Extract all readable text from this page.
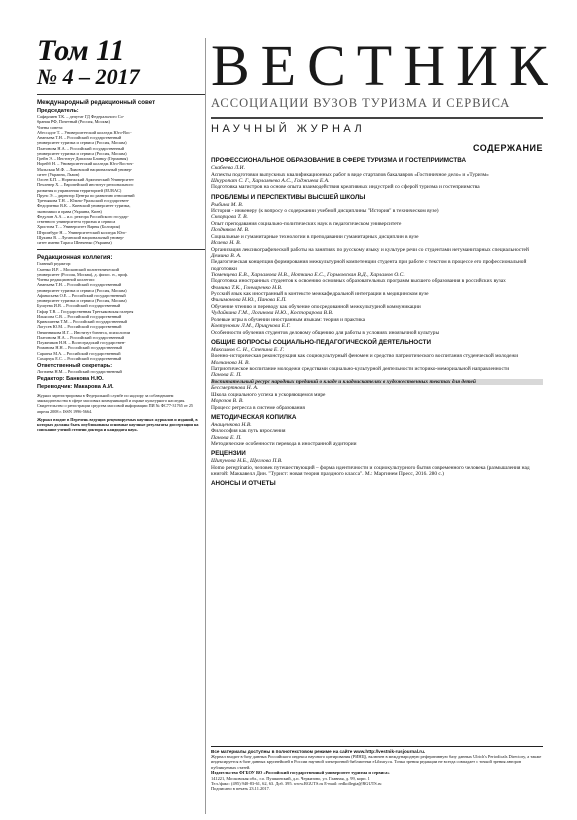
Том 11
№ 4 – 2017
Международный редакционный совет
Председатель:
Сафарлиев Т.К. – депутат ГД Федерального Со-
брания РФ, Почетный (Россия, Москва)
Члены совета:
Абессадзе Т. – Университетский колледж Юго-Вос-
Ананьева Т.Н. – Российский государственный
университет туризма и сервиса (Россия, Москва)
Платонова Н.А. – Российский государственный
университет туризма и сервиса (Россия, Москва)
Грейн Э. – Институт Диплома Блинцу (Германия)
Норейб Н. – Университетский колледж Юго-Восточ-
Мальская М.Ф. – Львовский национальный универ-
ситет (Украина, Львов)
Олсен Б.П. – Норвежский Арктический Университет
Пехлевер Х. – Европейский институт регионального
развития и управления территорией (EURAC)
Прунс Э. – директор Центра по развитию отношений
Третьякова Т.Н. – Южно-Уральский государствен-
Федорченко В.К. – Киевский университет туризма,
экономики и права (Украина, Киев)
Федулин А.А. – и.о. ректора Российского государ-
ственного университета туризма и сервиса
Христова Т. – Университет Варны (Болгария)
Штромбург Н. – Университетский колледж Юго-
Щукина В. – Луганский национальный универ-
ситет имени Тараса Шевченко (Украина)
Редакционная коллегия:
Главный редактор:
Сменко И.Р. – Московский политехнический
университет (Россия, Москва), д. филос. н., проф.
Члены редакционной коллегии:
Ананьева Т.Н. – Российский государственный
университет туризма и сервиса (Россия, Москва)
Афанасьева О.Е. – Российский государственный
университет туризма и сервиса (Россия, Москва)
Бушуева И.В. – Российский государственный
Гафар Т.В. – Государственная Третьяковская галерея
Ильясова С.В. – Российский государственный
Кривошеева Т.М. – Российский государственный
Лагусев Ю.М. – Российский государственный
Овчинникова И.Г. – Институт бизнеса, психологии
Платонова Н.А. – Российский государственный
Плужников Н.Н. – Волгоградский государствен-
Романова Н.Н. – Российский государственный
Сарапча М.А. – Российский государственный
Сахарчук Е.С. – Российский государственный
Ответственный секретарь:
Логачева Н.М. – Российский государственный
Редактор: Банкова Н.Ю.
Переводчик: Макарова А.И.
Журнал зарегистрирован в Федеральной службе по надзору за соблюдением законодательства в сфере массовых коммуникаций и охране культурного наследия. Свидетельство о регистрации средства массовой информации ПИ № ФС77-31765 от 25 апреля 2008 г. ISSN 1996-5664.
Журнал входит в Перечень ведущих рецензируемых научных журналов и изданий, в которых должны быть опубликованы основные научные результаты диссертации на соискание ученой степени доктора и кандидата наук.
ВЕСТНИК
АССОЦИАЦИИ ВУЗОВ ТУРИЗМА И СЕРВИСА
НАУЧНЫЙ ЖУРНАЛ
СОДЕРЖАНИЕ
ПРОФЕССИОНАЛЬНОЕ ОБРАЗОВАНИЕ В СФЕРЕ ТУРИЗМА И ГОСТЕПРИИМСТВА
Скабеева Л.И.
Аспекты подготовки выпускных квалификационных работ в виде стартапов бакалавров «Гостиничное дело» и «Туризм»
Шкуропат С. Г., Харламчева А.С., Гаджиева Е.А.
Подготовка магистров на основе опыта взаимодействия креативных индустрий со сферой туризма и гостеприимства
ПРОБЛЕМЫ И ПЕРСПЕКТИВЫ ВЫСШЕЙ ШКОЛЫ
Рыбина М. В.
История - инженеру (к вопросу о содержании учебной дисциплины "История" в техническом вузе)
Скворцова Т. В.
Опыт преподавания социально-политических наук в педагогическом университете
Поздняков М. В.
Социальные и гуманитарные технологии в преподавании гуманитарных дисциплин в вузе
Исаева Н. В.
Организация лексикографической работы на занятиях по русскому языку и культуре речи со студентами нетуманитарных специальностей
Демина В. А.
Педагогическая концепция формирования межкультурной компетенции студента при работе с текстом в процессе его профессиональной подготовки
Тюменцева Е.В., Харламова Н.В., Ноткина Е.С., Горьковская В.Д., Харламов О.С.
Подготовка иностранных студентов к освоению основных образовательных программ высшего образования в российских вузах
Фомина Т.К., Гончаренко Н.В.
Русский язык как иностранный в контексте межкафедральной интеграции в медицинском вузе
Филимонова Н.Ю., Панова Е.П.
Обучение чтению и переводу как обучение опосредованной межкультурной коммуникации
Чудайкина Г.М., Логинова Н.Ю., Косторарова В.В.
Ролевые игры в обучении иностранным языкам: теория и практика
Ковтунович Л.М., Прицукова Е.Г.
Особенности обучения студентов деловому общению для работы в условиях иноязычной культуры
ОБЩИЕ ВОПРОСЫ СОЦИАЛЬНО-ПЕДАГОГИЧЕСКОЙ ДЕЯТЕЛЬНОСТИ
Максимов С. Н., Степина Е. Г.
Военно-историческая реконструкция как социокультурный феномен и средство патриотического воспитания студенческой молодежи
Молчанова Н. В.
Патриотическое воспитание молодежи средствами социально-культурной деятельности историко-мемориальной направленности
Панова Е. П.
Воспитательный ресурс народных преданий о кладе и кладоискателях в художественных текстах для детей
Бессмертнова Н. А.
Школа социального успеха в ускоряющемся мире
Морозов В. В.
Процесс регресса в системе образования
МЕТОДИЧЕСКАЯ КОПИЛКА
Анащенкова Н.В.
Философия как путь взросления
Панова Е. П.
Методические особенности перевода в иностранной аудитории
РЕЦЕНЗИИ
Шипунова Н.Б., Щеглова П.В.
Homo peregrinatio, человек путешествующий – форма идентичности и социокультурного бытия современного человека (размышления над книгой: Маккавелл Дин. "Турист: новая теория праздного класса". М.: Маргинем Пресс, 2016. 280 с.)
АНОНСЫ И ОТЧЕТЫ
Все материалы доступны в полнотекстовом режиме на сайте www.http://vestnik-rusjournal.ru.
Журнал входит в базу данных Российского индекса научного цитирования (РИНЦ), включен в международную реферативную базу данных Ulrich's Periodicals Directory, а также индексируется в базе данных крупнейшей в России научной электронной библиотеки eLibrary.ru. Точка зрения редакции не всегда совпадает с точкой зрения авторов публикуемых статей.
Издательство ФГБОУ ВО «Российский государственный университет туризма и сервиса»
141221, Московская обл., г.о. Пушкинский, д.п. Черкизово, ул. Главная, д. 99, корп. 1
Тел./факс: (495) 940-83-61, 62, 63. Доб. 395. www.RGUTS.ru E-mail: redkollegia@RGUTS.ru
Подписано в печать 23.11.2017.
